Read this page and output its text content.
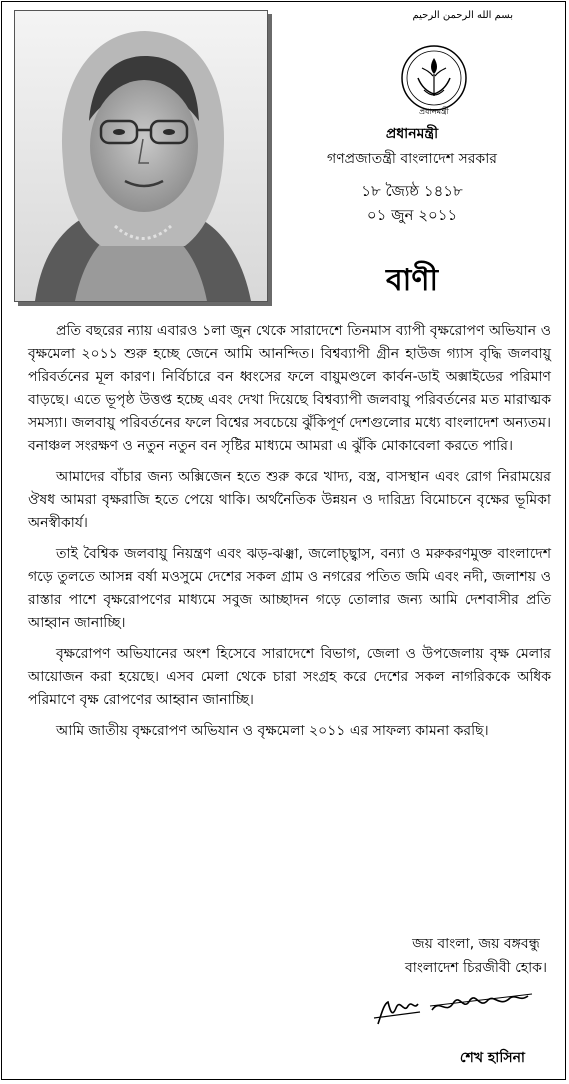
بسم الله الرحمن الرحيم
প্রধানমন্ত্রী
প্রধানমন্ত্রী
গণপ্রজাতন্ত্রী বাংলাদেশ সরকার
১৮ জ্যৈষ্ঠ ১৪১৮
০১ জুন ২০১১
বাণী

প্রতি বছরের ন্যায় এবারও ১লা জুন থেকে সারাদেশে তিনমাস ব্যাপী বৃক্ষরোপণ অভিযান ও বৃক্ষমেলা ২০১১ শুরু হচ্ছে জেনে আমি আনন্দিত। বিশ্বব্যাপী গ্রীন হাউজ গ্যাস বৃদ্ধি জলবায়ু পরিবর্তনের মূল কারণ। নির্বিচারে বন ধ্বংসের ফলে বায়ুমণ্ডলে কার্বন-ডাই অক্সাইডের পরিমাণ বাড়ছে। এতে ভূপৃষ্ঠ উত্তপ্ত হচ্ছে এবং দেখা দিয়েছে বিশ্বব্যাপী জলবায়ু পরিবর্তনের মত মারাত্মক সমস্যা। জলবায়ু পরিবর্তনের ফলে বিশ্বের সবচেয়ে ঝুঁকিপূর্ণ দেশগুলোর মধ্যে বাংলাদেশ অন্যতম। বনাঞ্চল সংরক্ষণ ও নতুন নতুন বন সৃষ্টির মাধ্যমে আমরা এ ঝুঁকি মোকাবেলা করতে পারি।

আমাদের বাঁচার জন্য অক্সিজেন হতে শুরু করে খাদ্য, বস্ত্র, বাসস্থান এবং রোগ নিরাময়ের ঔষধ আমরা বৃক্ষরাজি হতে পেয়ে থাকি। অর্থনৈতিক উন্নয়ন ও দারিদ্র্য বিমোচনে বৃক্ষের ভূমিকা অনস্বীকার্য।

তাই বৈশ্বিক জলবায়ু নিয়ন্ত্রণ এবং ঝড়-ঝঞ্ঝা, জলোচ্ছ্বাস, বন্যা ও মরুকরণমুক্ত বাংলাদেশ গড়ে তুলতে আসন্ন বর্ষা মওসুমে দেশের সকল গ্রাম ও নগরের পতিত জমি এবং নদী, জলাশয় ও রাস্তার পাশে বৃক্ষরোপণের মাধ্যমে সবুজ আচ্ছাদন গড়ে তোলার জন্য আমি দেশবাসীর প্রতি আহ্বান জানাচ্ছি।

বৃক্ষরোপণ অভিযানের অংশ হিসেবে সারাদেশে বিভাগ, জেলা ও উপজেলায় বৃক্ষ মেলার আয়োজন করা হয়েছে। এসব মেলা থেকে চারা সংগ্রহ করে দেশের সকল নাগরিককে অধিক পরিমাণে বৃক্ষ রোপণের আহ্বান জানাচ্ছি।

আমি জাতীয় বৃক্ষরোপণ অভিযান ও বৃক্ষমেলা ২০১১ এর সাফল্য কামনা করছি।

জয় বাংলা, জয় বঙ্গবন্ধু
বাংলাদেশ চিরজীবী হোক।
শেখ হাসিনা
